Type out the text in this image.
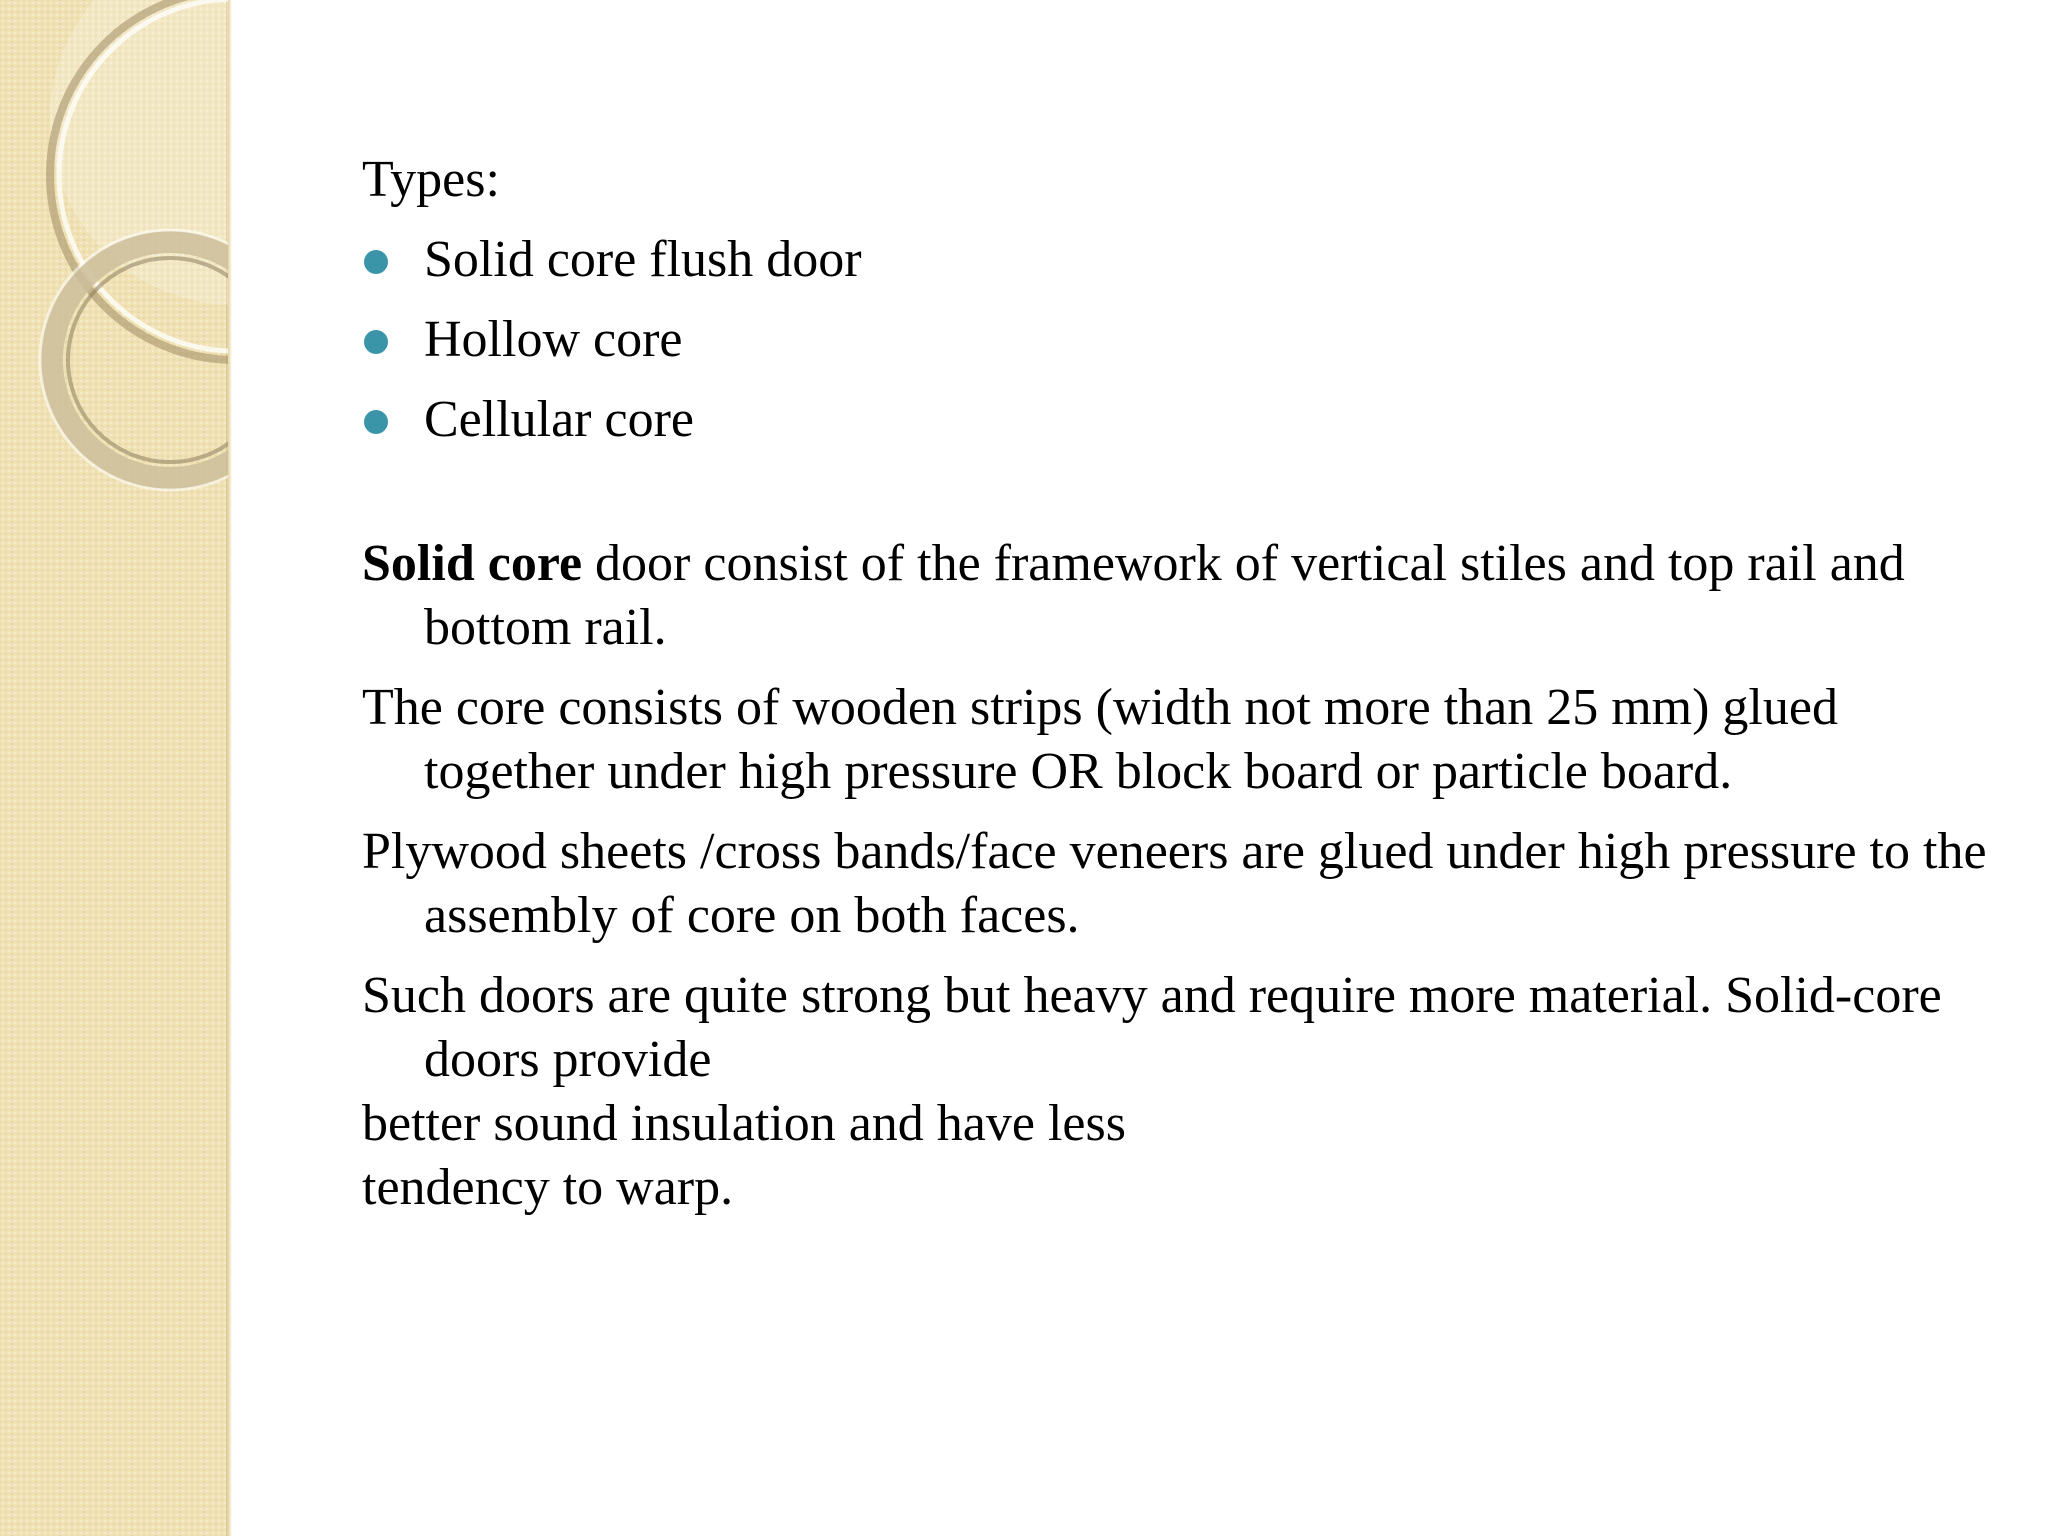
Types:
Solid core flush door
Hollow core
Cellular core

Solid core door consist of the framework of vertical stiles and top rail and bottom rail.

The core consists of wooden strips (width not more than 25 mm) glued together under high pressure OR block board or particle board.

Plywood sheets /cross bands/face veneers are glued under high pressure to the assembly of core on both faces.

Such doors are quite strong but heavy and require more material. Solid-core doors provide
better sound insulation and have less
tendency to warp.
